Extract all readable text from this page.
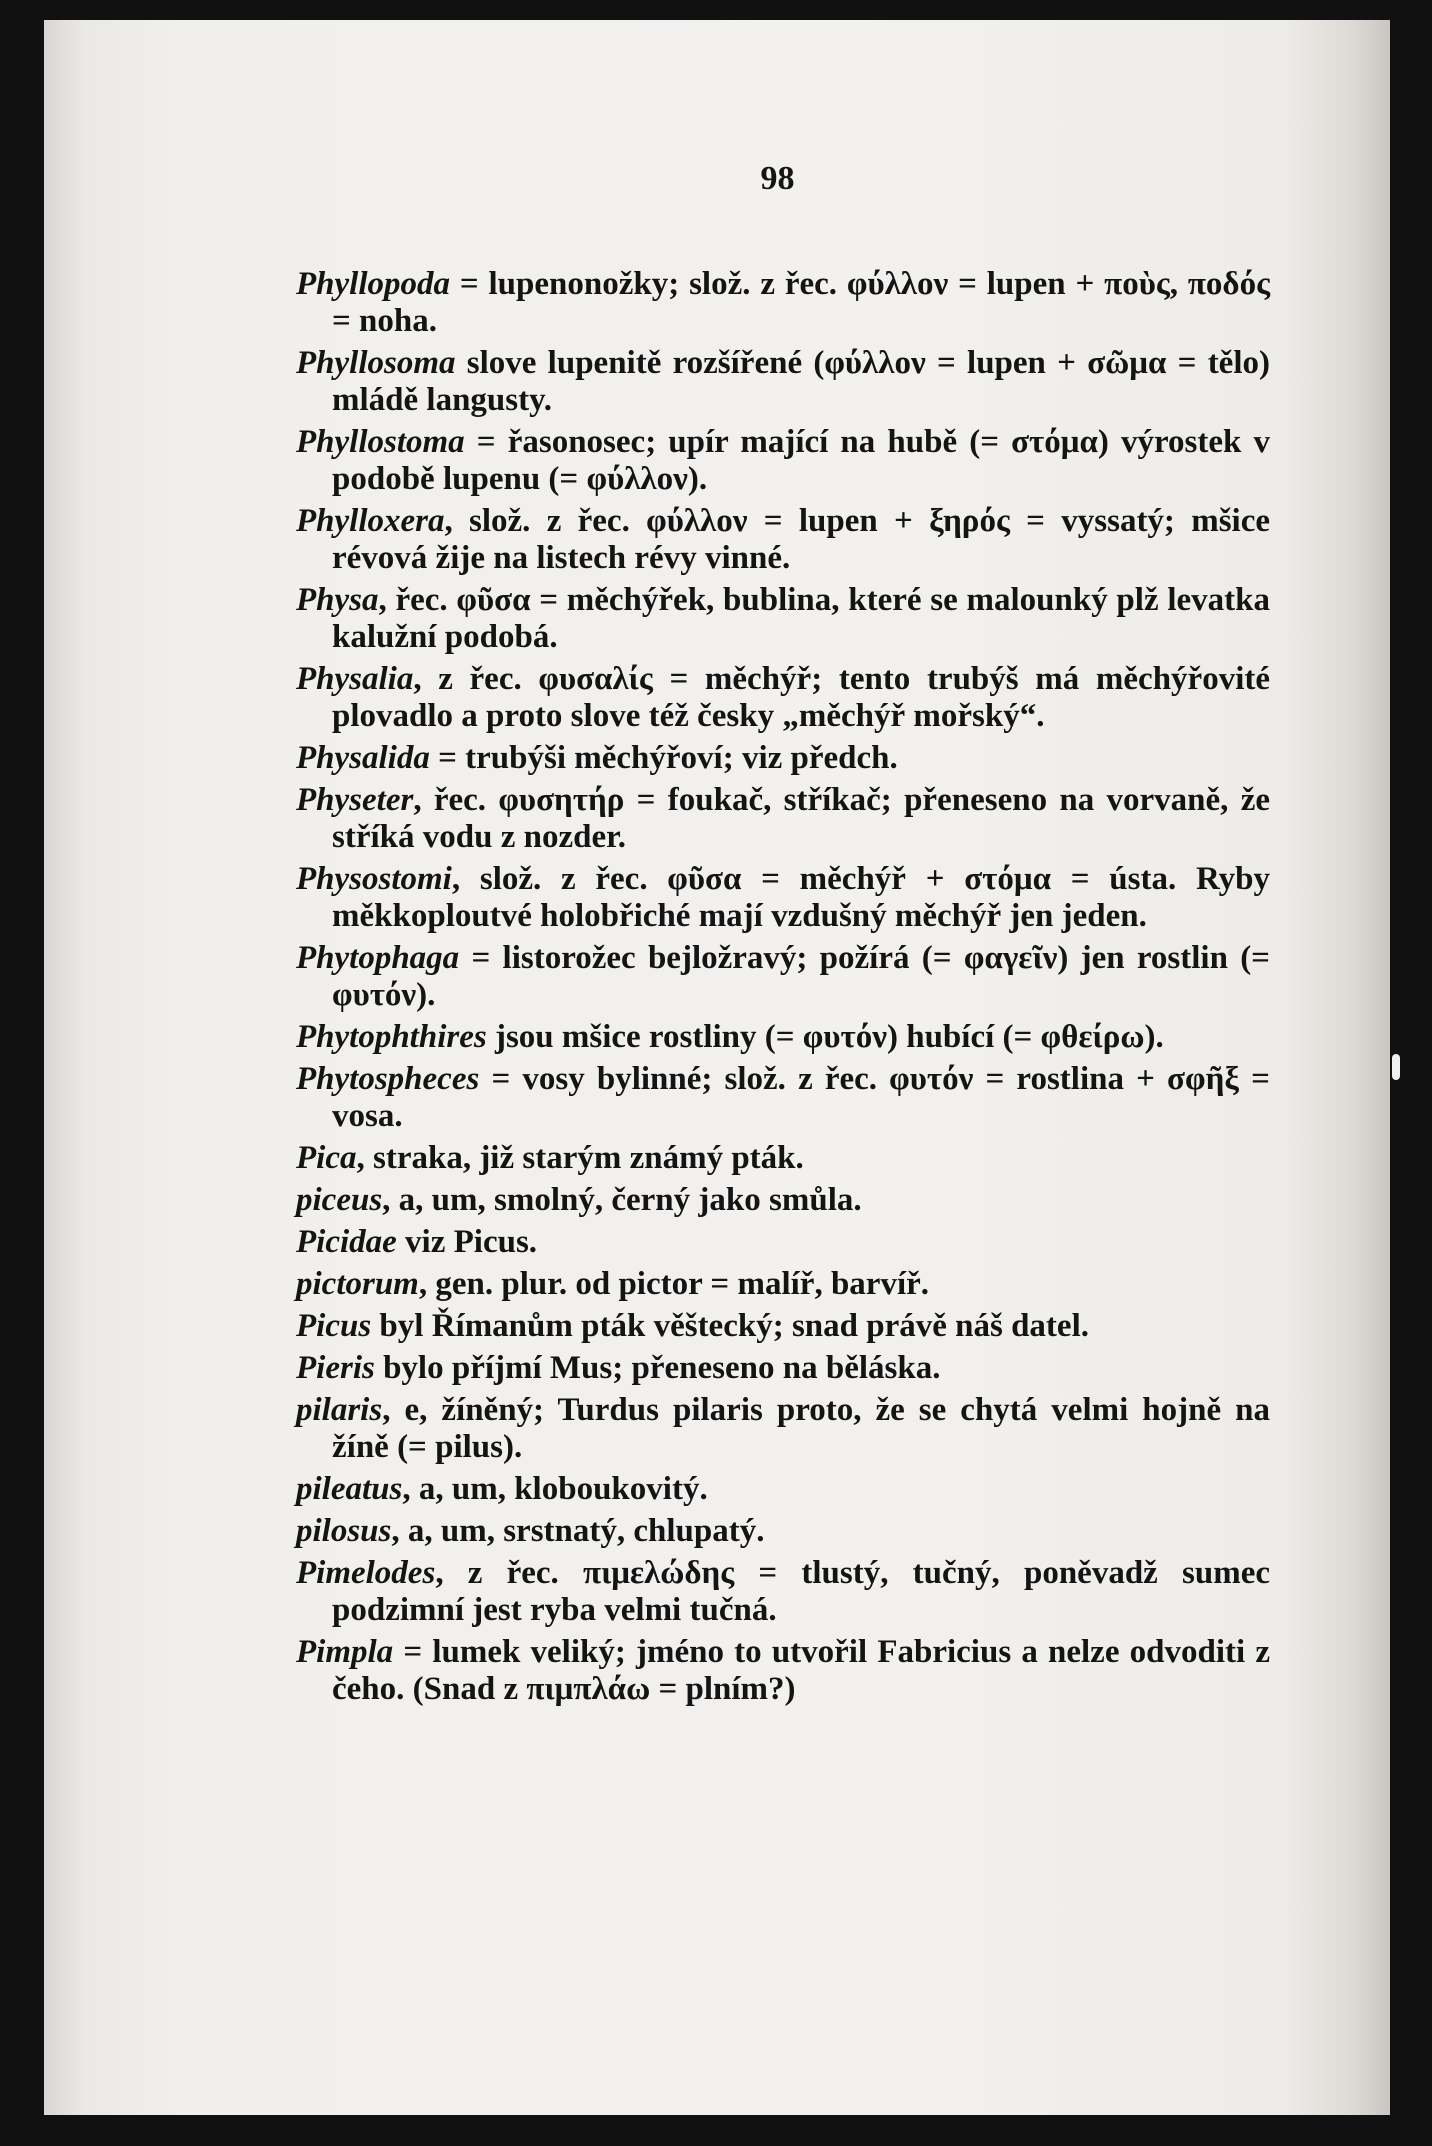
98

Phyllopoda = lupenonožky; slož. z řec. φύλλον = lupen + ποὺς, ποδός = noha.

Phyllosoma slove lupenitě rozšířené (φύλλον = lupen + σῶμα = tělo) mládě langusty.

Phyllostoma = řasonosec; upír mající na hubě (= στόμα) výrostek v podobě lupenu (= φύλλον).

Phylloxera, slož. z řec. φύλλον = lupen + ξηρός = vyssatý; mšice révová žije na listech révy vinné.

Physa, řec. φῦσα = měchýřek, bublina, které se malounký plž levatka kalužní podobá.

Physalia, z řec. φυσαλίς = měchýř; tento trubýš má měchýřovité plovadlo a proto slove též česky „měchýř mořský“.

Physalida = trubýši měchýřoví; viz předch.

Physeter, řec. φυσητήρ = foukač, stříkač; přeneseno na vorvaně, že stříká vodu z nozder.

Physostomi, slož. z řec. φῦσα = měchýř + στόμα = ústa. Ryby měkkoploutvé holobřiché mají vzdušný měchýř jen jeden.

Phytophaga = listorožec bejložravý; požírá (= φαγεῖν) jen rostlin (= φυτόν).

Phytophthires jsou mšice rostliny (= φυτόν) hubící (= φθείρω).

Phytospheces = vosy bylinné; slož. z řec. φυτόν = rostlina + σφῆξ = vosa.

Pica, straka, již starým známý pták.

piceus, a, um, smolný, černý jako smůla.

Picidae viz Picus.

pictorum, gen. plur. od pictor = malíř, barvíř.

Picus byl Římanům pták věštecký; snad právě náš datel.

Pieris bylo příjmí Mus; přeneseno na běláska.

pilaris, e, žíněný; Turdus pilaris proto, že se chytá velmi hojně na žíně (= pilus).

pileatus, a, um, kloboukovitý.

pilosus, a, um, srstnatý, chlupatý.

Pimelodes, z řec. πιμελώδης = tlustý, tučný, poněvadž sumec podzimní jest ryba velmi tučná.

Pimpla = lumek veliký; jméno to utvořil Fabricius a nelze odvoditi z čeho. (Snad z πιμπλάω = plním?)
